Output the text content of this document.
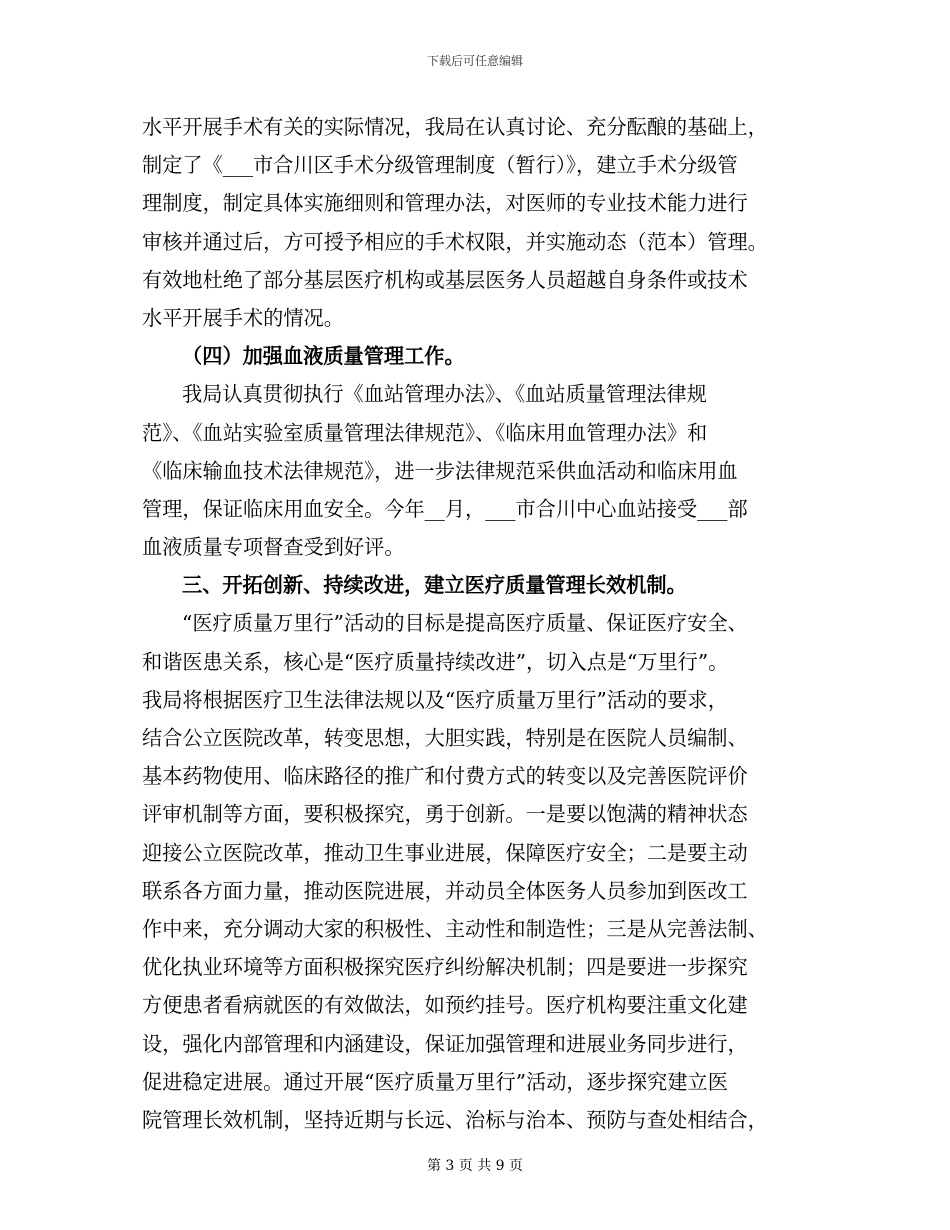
下载后可任意编辑
水平开展手术有关的实际情况，我局在认真讨论、充分酝酿的基础上，
制定了《___市合川区手术分级管理制度（暂行）》，建立手术分级管
理制度，制定具体实施细则和管理办法，对医师的专业技术能力进行
审核并通过后，方可授予相应的手术权限，并实施动态（范本）管理。
有效地杜绝了部分基层医疗机构或基层医务人员超越自身条件或技术
水平开展手术的情况。
（四）加强血液质量管理工作。
我局认真贯彻执行《血站管理办法》、《血站质量管理法律规
范》、《血站实验室质量管理法律规范》、《临床用血管理办法》和
《临床输血技术法律规范》，进一步法律规范采供血活动和临床用血
管理，保证临床用血安全。今年__月，___市合川中心血站接受___部
血液质量专项督查受到好评。
三、开拓创新、持续改进，建立医疗质量管理长效机制。
“医疗质量万里行”活动的目标是提高医疗质量、保证医疗安全、
和谐医患关系，核心是“医疗质量持续改进”，切入点是“万里行”。
我局将根据医疗卫生法律法规以及“医疗质量万里行”活动的要求，
结合公立医院改革，转变思想，大胆实践，特别是在医院人员编制、
基本药物使用、临床路径的推广和付费方式的转变以及完善医院评价
评审机制等方面，要积极探究，勇于创新。一是要以饱满的精神状态
迎接公立医院改革，推动卫生事业进展，保障医疗安全；二是要主动
联系各方面力量，推动医院进展，并动员全体医务人员参加到医改工
作中来，充分调动大家的积极性、主动性和制造性；三是从完善法制、
优化执业环境等方面积极探究医疗纠纷解决机制；四是要进一步探究
方便患者看病就医的有效做法，如预约挂号。医疗机构要注重文化建
设，强化内部管理和内涵建设，保证加强管理和进展业务同步进行，
促进稳定进展。通过开展“医疗质量万里行”活动，逐步探究建立医
院管理长效机制，坚持近期与长远、治标与治本、预防与查处相结合，
第 3 页 共 9 页
